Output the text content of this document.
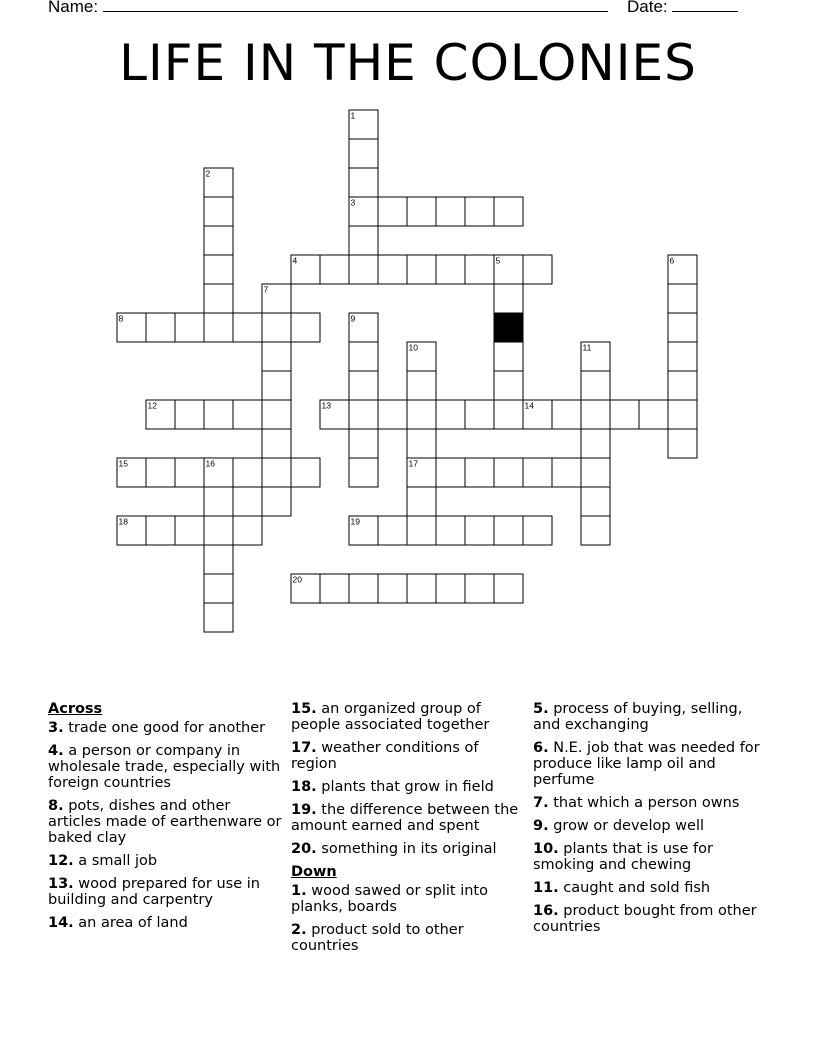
Name:	Date:
LIFE IN THE COLONIES
1
2
3
4	5	6
7
8	9
10	11
12	13	14
15	16	17
18	19
20
Across
3. trade one good for another
4. a person or company in wholesale trade, especially with foreign countries
8. pots, dishes and other articles made of earthenware or baked clay
12. a small job
13. wood prepared for use in building and carpentry
14. an area of land
15. an organized group of people associated together
17. weather conditions of region
18. plants that grow in field
19. the difference between the amount earned and spent
20. something in its original
Down
1. wood sawed or split into planks, boards
2. product sold to other countries
5. process of buying, selling, and exchanging
6. N.E. job that was needed for produce like lamp oil and perfume
7. that which a person owns
9. grow or develop well
10. plants that is use for smoking and chewing
11. caught and sold fish
16. product bought from other countries
